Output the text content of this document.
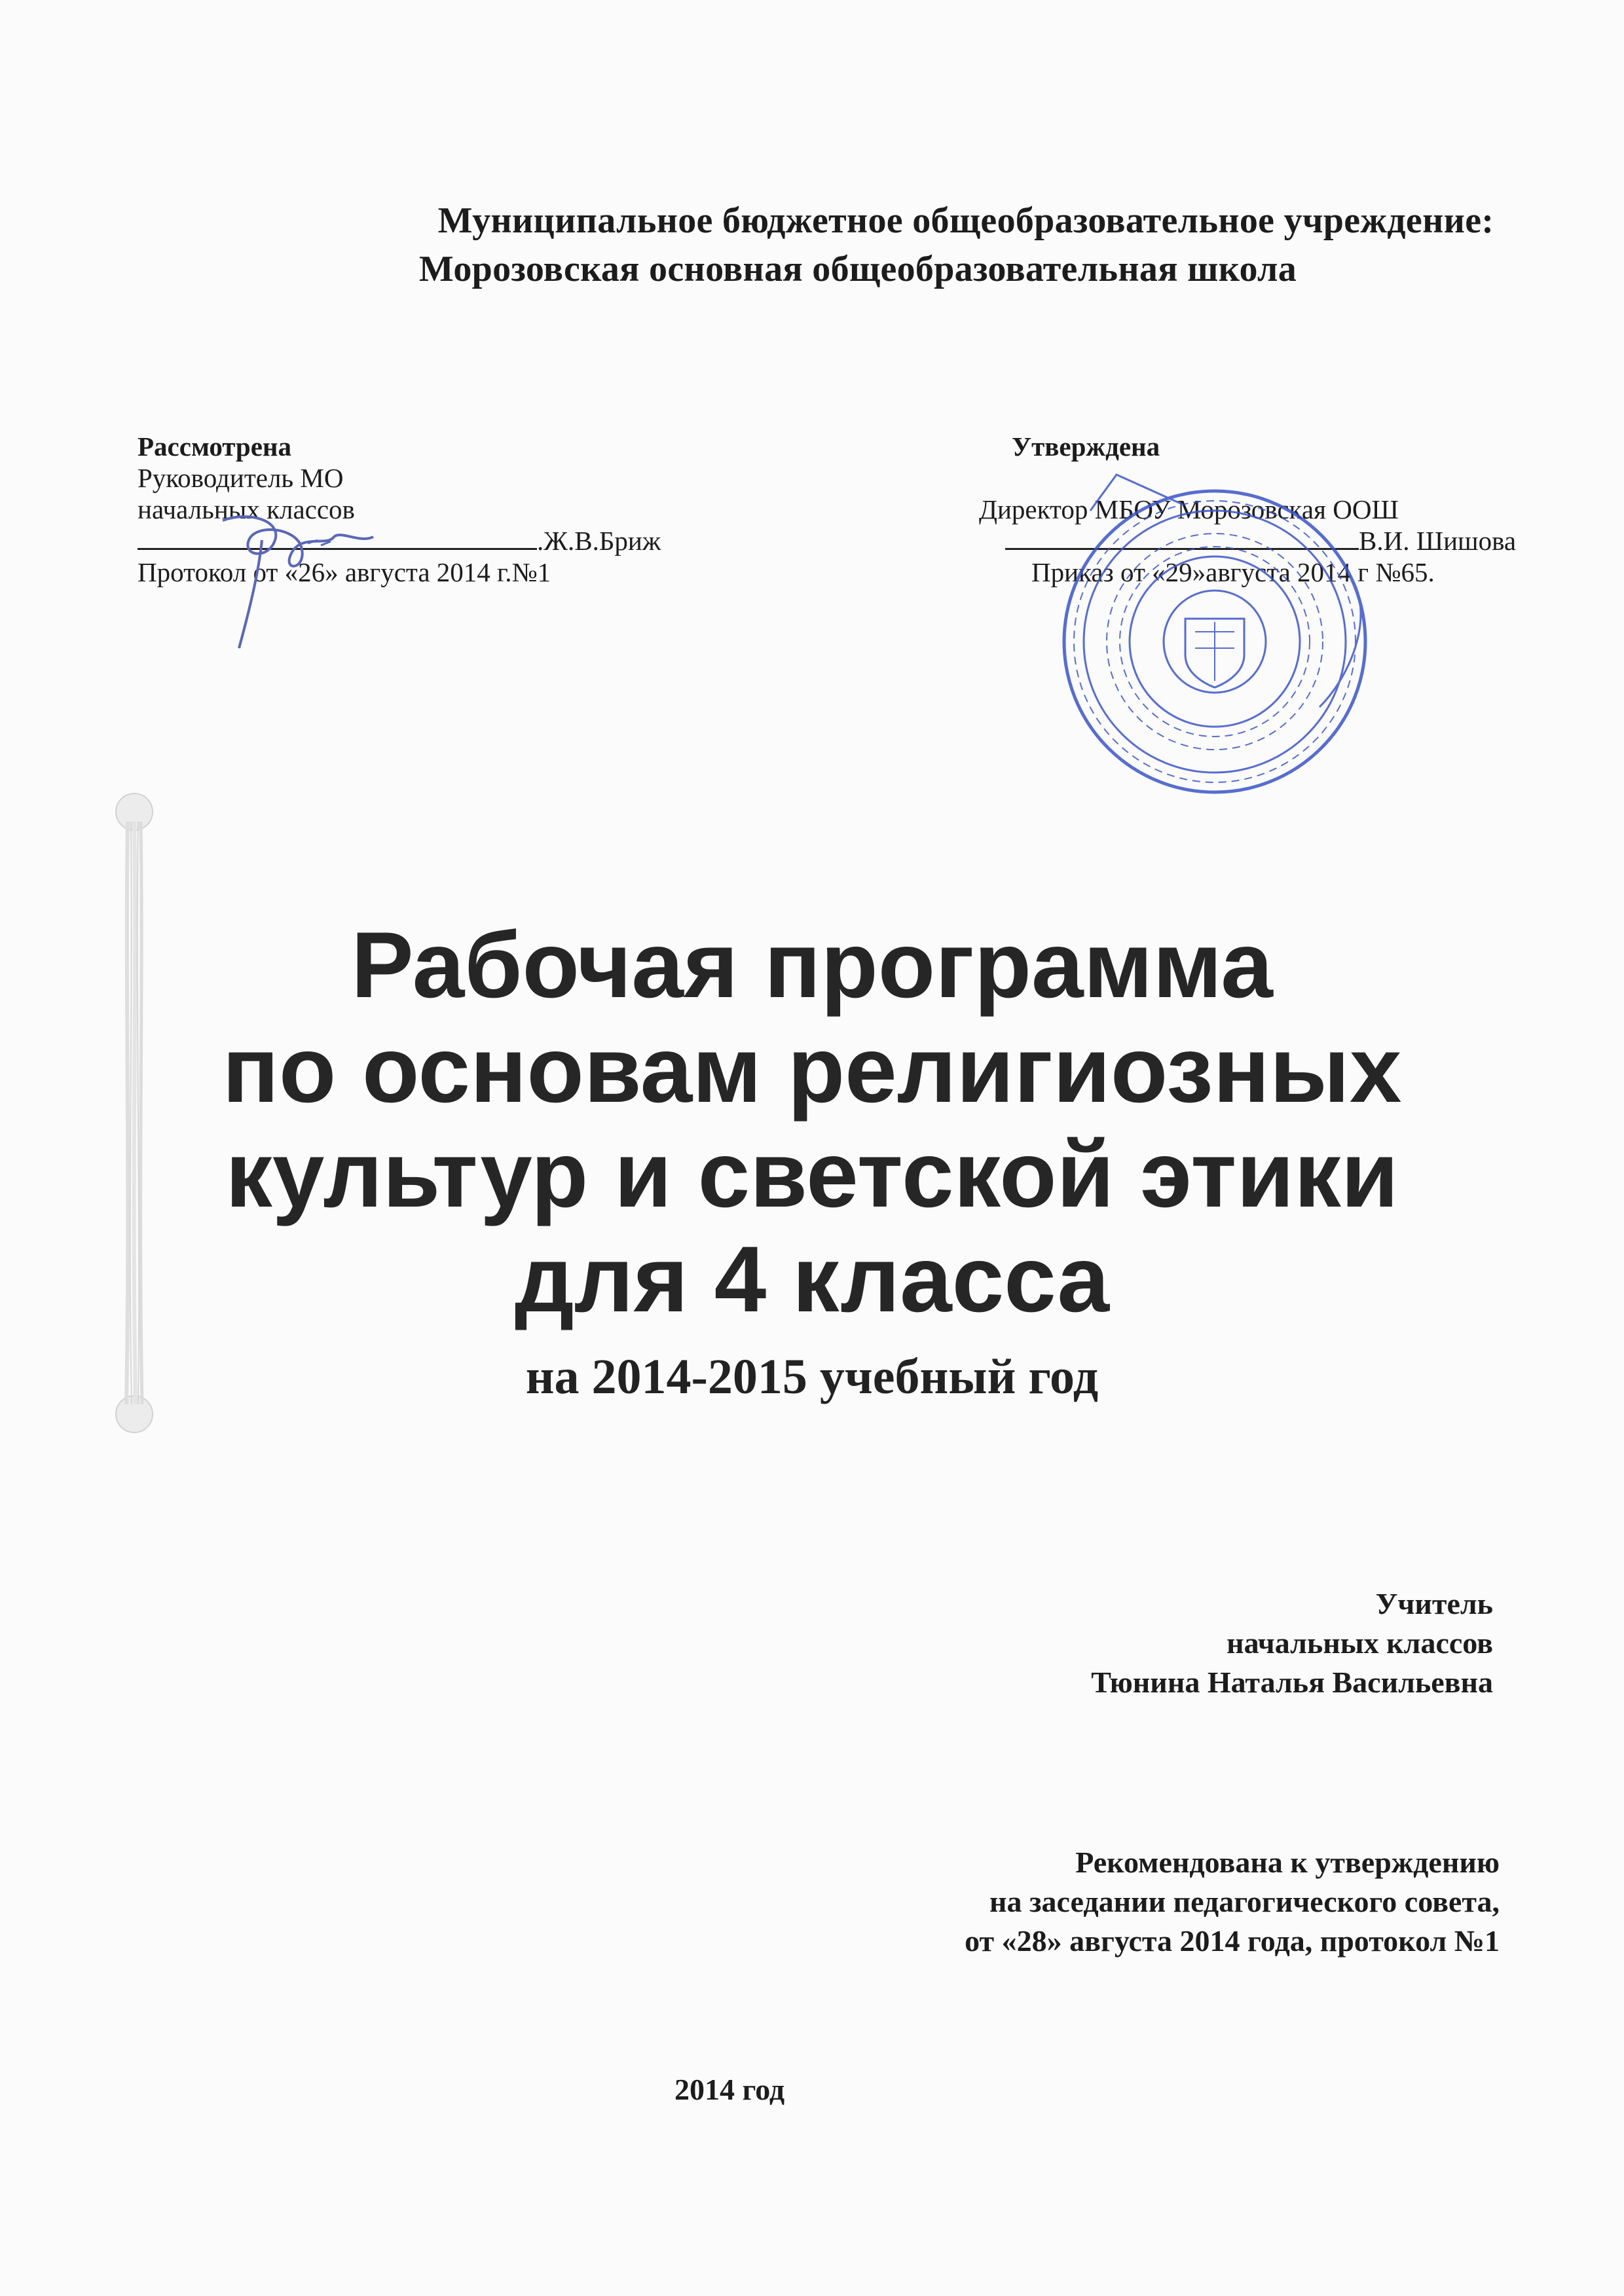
Муниципальное бюджетное общеобразовательное учреждение:
Морозовская основная общеобразовательная школа
Рассмотрена
Руководитель МО
начальных классов
.Ж.В.Бриж
Протокол от «26» августа 2014 г.№1
Утверждена
Директор МБОУ Морозовская ООШ
В.И. Шишова
Приказ от «29»августа 2014 г №65.
Рабочая программа
по основам религиозных
культур и светской этики
для 4 класса
на 2014-2015 учебный год
Учитель
начальных классов
Тюнина Наталья Васильевна
Рекомендована к утверждению
на заседании педагогического совета,
от «28» августа 2014 года, протокол №1
2014 год
